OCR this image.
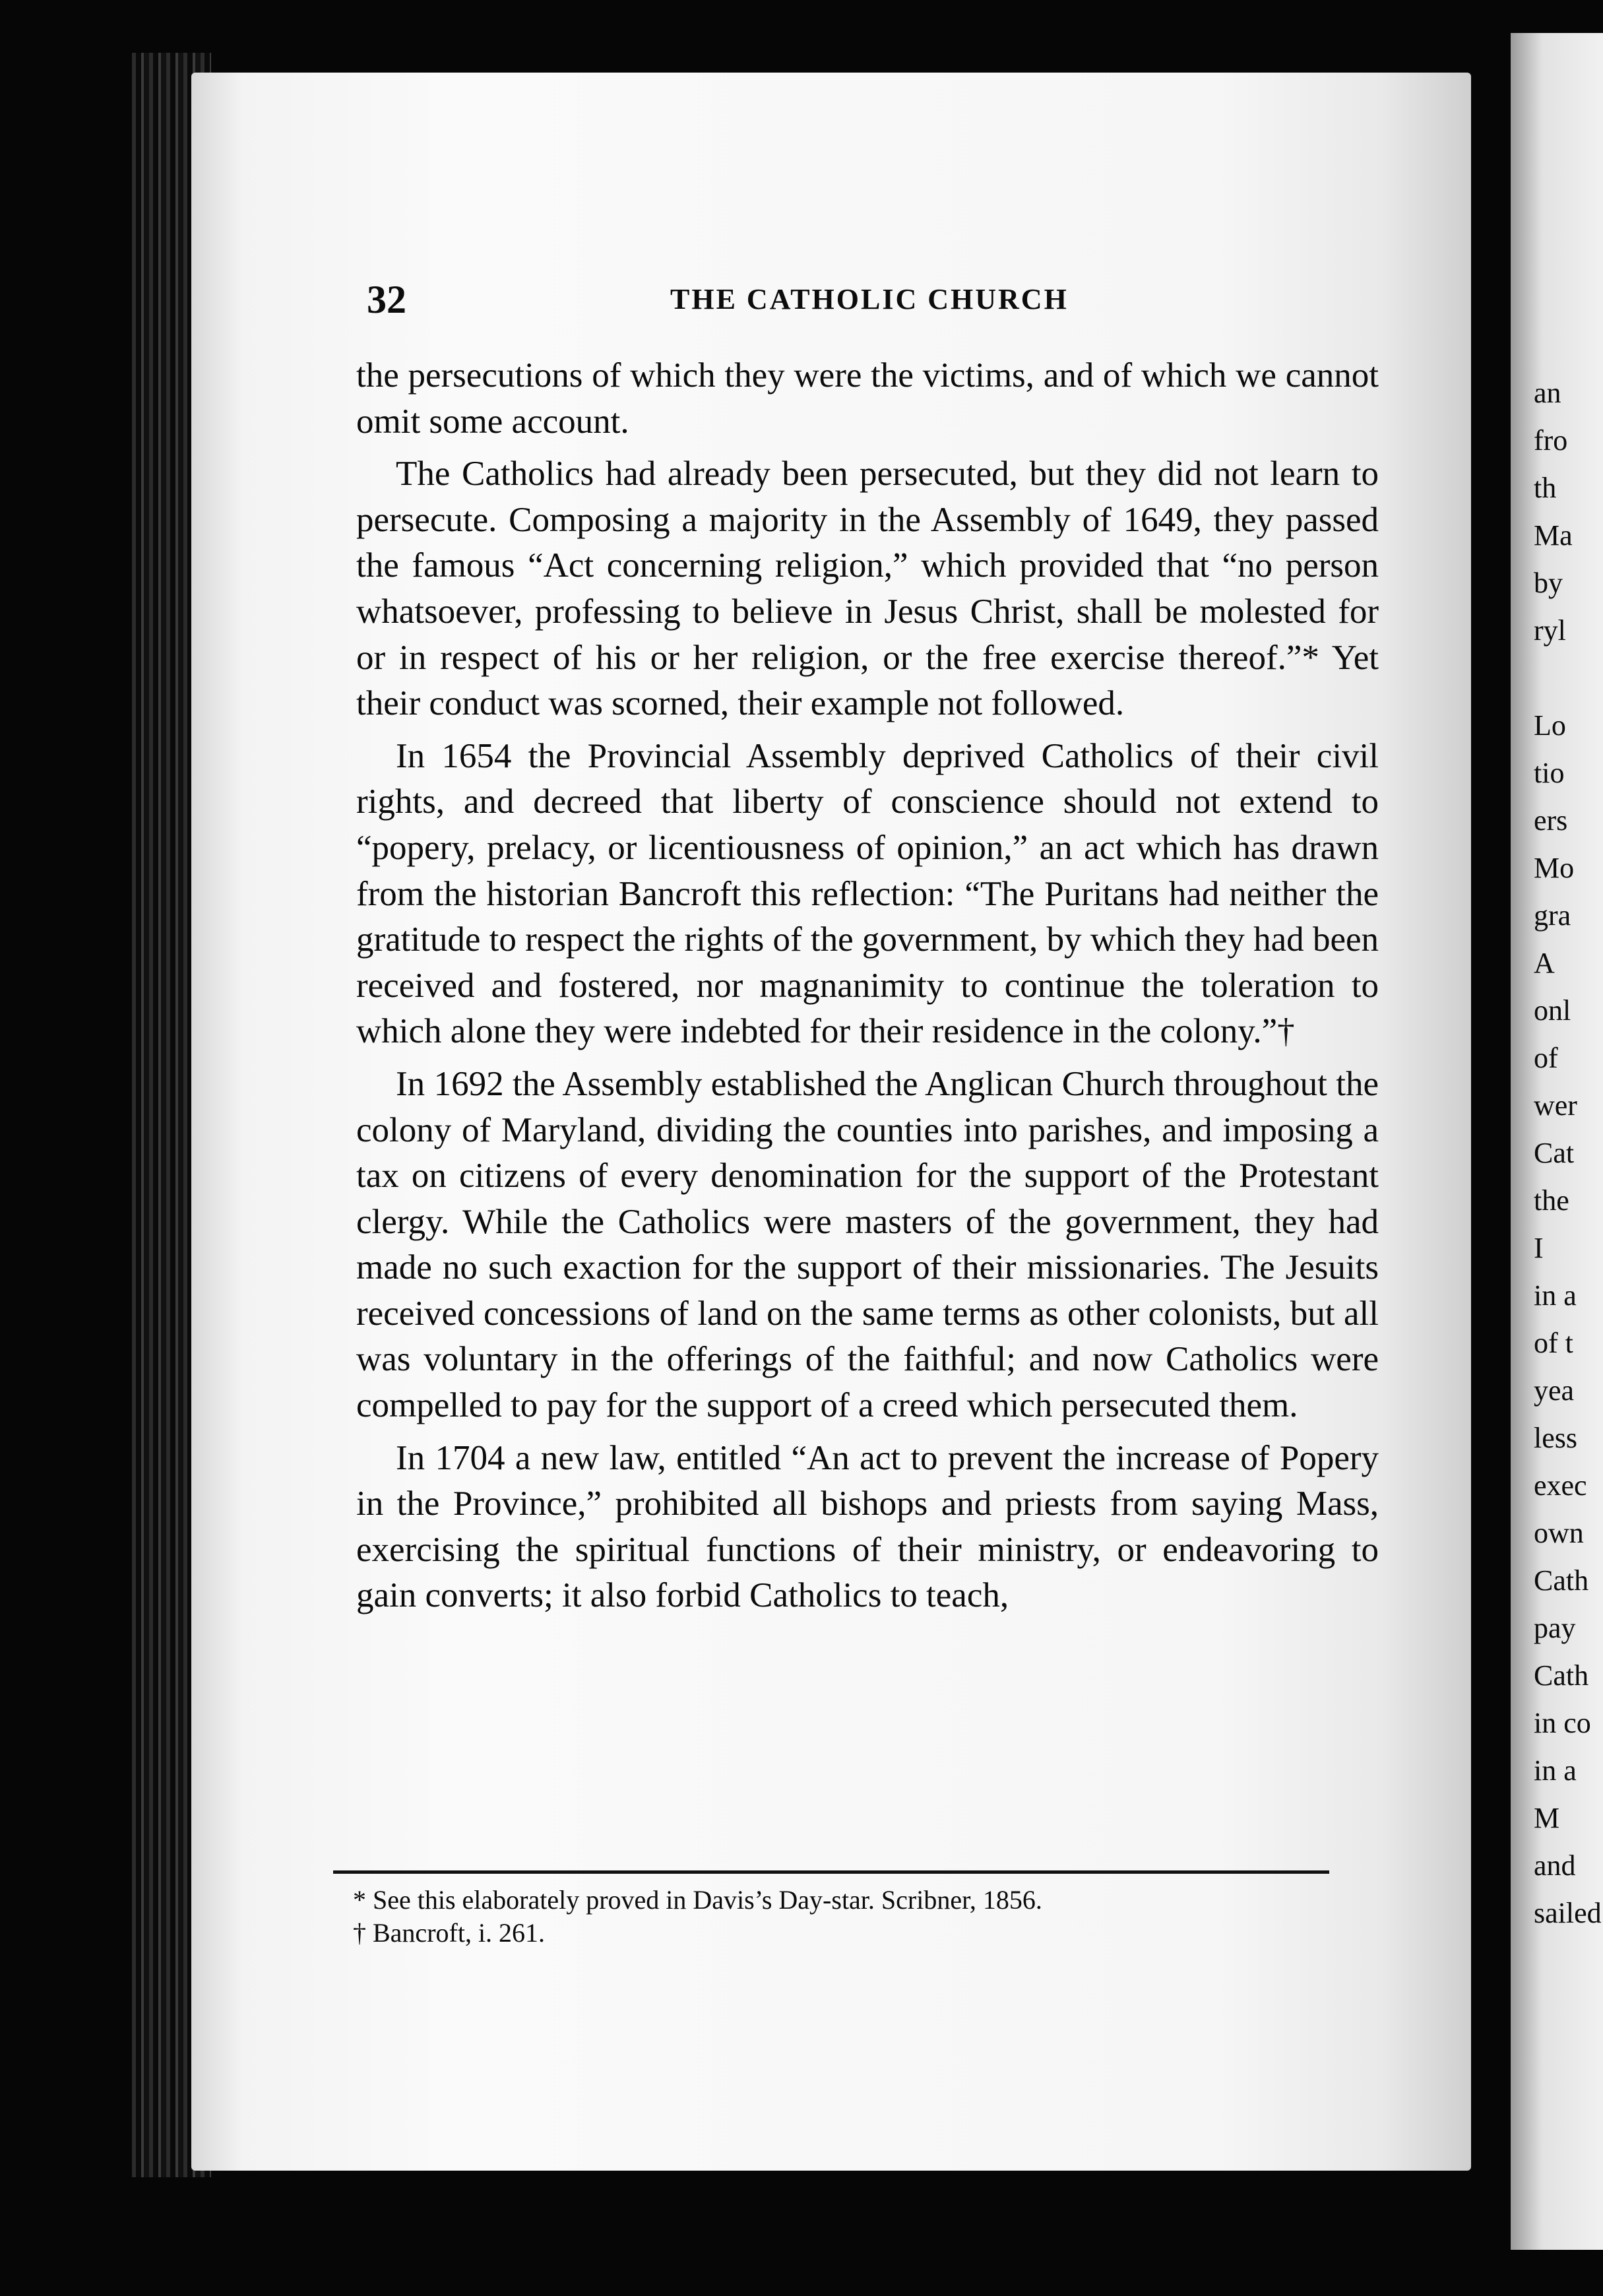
32	THE CATHOLIC CHURCH

the persecutions of which they were the victims, and of which we cannot omit some account.

The Catholics had already been persecuted, but they did not learn to persecute. Composing a majority in the Assembly of 1649, they passed the famous “Act concerning religion,” which provided that “no person whatsoever, professing to believe in Jesus Christ, shall be molested for or in respect of his or her religion, or the free exercise thereof.”* Yet their conduct was scorned, their example not followed.

In 1654 the Provincial Assembly deprived Catholics of their civil rights, and decreed that liberty of conscience should not extend to “popery, prelacy, or licentiousness of opinion,” an act which has drawn from the historian Bancroft this reflection: “The Puritans had neither the gratitude to respect the rights of the government, by which they had been received and fostered, nor magnanimity to continue the toleration to which alone they were indebted for their residence in the colony.”†

In 1692 the Assembly established the Anglican Church throughout the colony of Maryland, dividing the counties into parishes, and imposing a tax on citizens of every denomination for the support of the Protestant clergy. While the Catholics were masters of the government, they had made no such exaction for the support of their missionaries. The Jesuits received concessions of land on the same terms as other colonists, but all was voluntary in the offerings of the faithful; and now Catholics were compelled to pay for the support of a creed which persecuted them.

In 1704 a new law, entitled “An act to prevent the increase of Popery in the Province,” prohibited all bishops and priests from saying Mass, exercising the spiritual functions of their ministry, or endeavoring to gain converts; it also forbid Catholics to teach,

* See this elaborately proved in Davis’s Day-star. Scribner, 1856.

† Bancroft, i. 261.

an
fro
th
Ma
by
ryl
Lo
tio
ers
Mo
gra
A
onl
of
wer
Cat
the
I
in a
of t
yea
less
exec
own
Cath
pay
Cath
in co
in a
M
and
sailed
